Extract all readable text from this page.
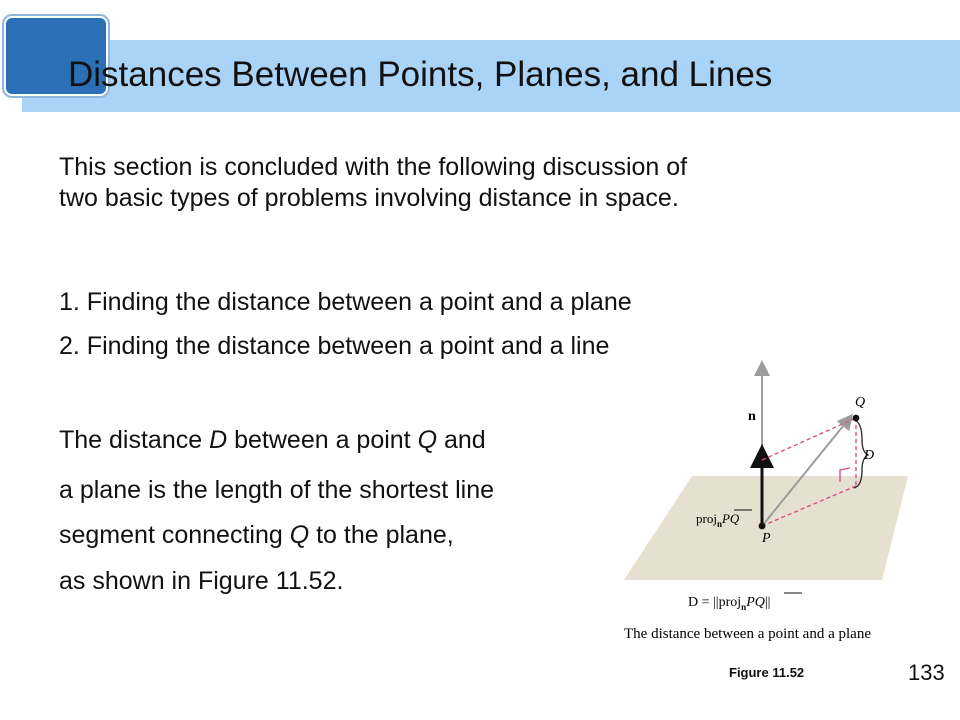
Distances Between Points, Planes, and Lines
This section is concluded with the following discussion of
two basic types of problems involving distance in space.
1. Finding the distance between a point and a plane
2. Finding the distance between a point and a line
The distance D between a point Q and
a plane is the length of the shortest line
segment connecting Q to the plane,
as shown in Figure 11.52.
n
Q
D
P
proj$_n$PQ
D = ||proj$_n$PQ||
The distance between a point and a plane
Figure 11.52	133
